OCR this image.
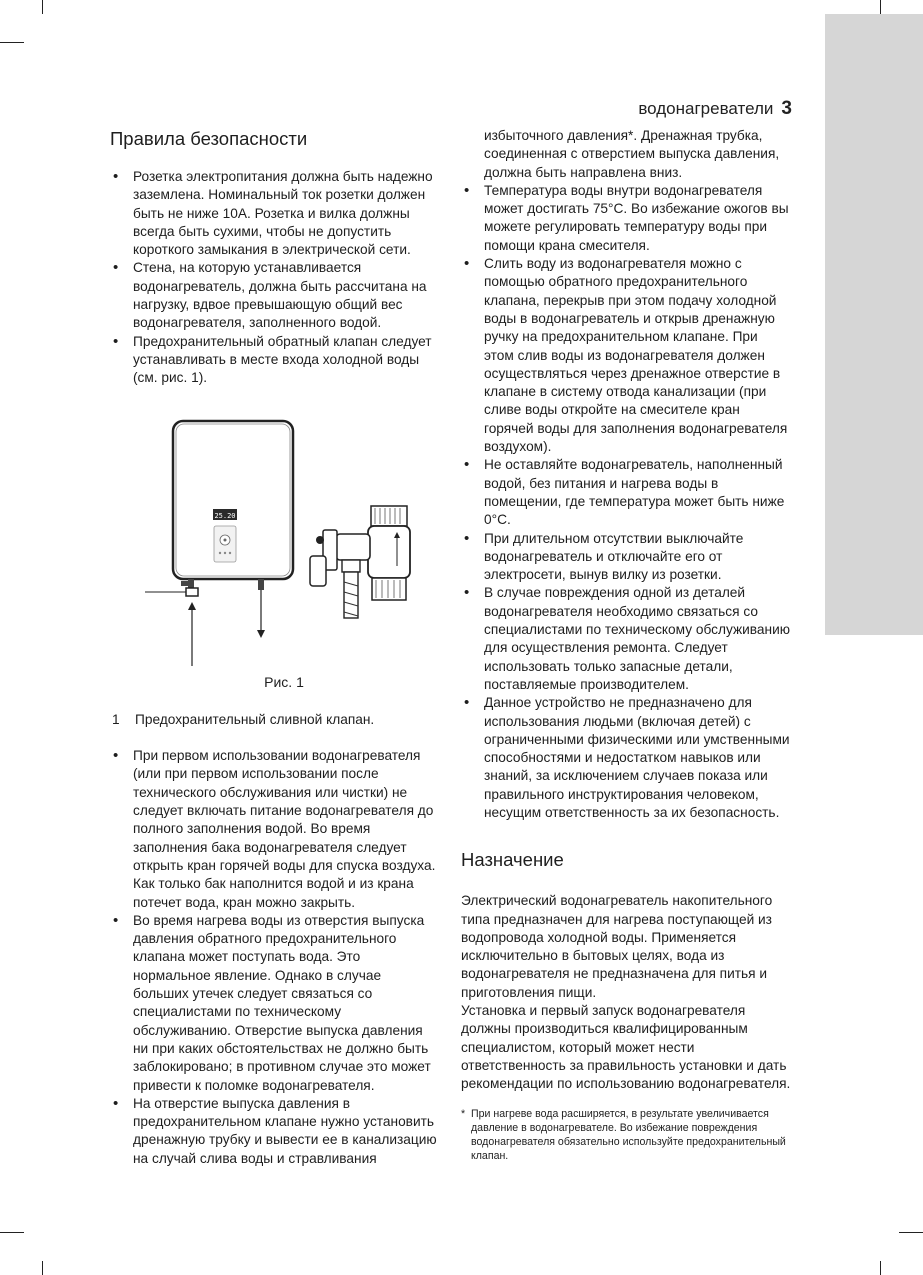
водонагреватели 3
Правила безопасности
• Розетка электропитания должна быть надежно заземлена. Номинальный ток розетки должен быть не ниже 10А. Розетка и вилка должны всегда быть сухими, чтобы не допустить короткого замыкания в электрической сети.
• Стена, на которую устанавливается водонагреватель, должна быть рассчитана на нагрузку, вдвое превышающую общий вес водонагревателя, заполненного водой.
• Предохранительный обратный клапан следует устанавливать в месте входа холодной воды (см. рис. 1).
25.20
Рис. 1
1	Предохранительный сливной клапан.
• При первом использовании водонагревателя (или при первом использовании после технического обслуживания или чистки) не следует включать питание водонагревателя до полного заполнения водой. Во время заполнения бака водонагревателя следует открыть кран горячей воды для спуска воздуха. Как только бак наполнится водой и из крана потечет вода, кран можно закрыть.
• Во время нагрева воды из отверстия выпуска давления обратного предохранительного клапана может поступать вода. Это нормальное явление. Однако в случае больших утечек следует связаться со специалистами по техническому обслуживанию. Отверстие выпуска давления ни при каких обстоятельствах не должно быть заблокировано; в противном случае это может привести к поломке водонагревателя.
• На отверстие выпуска давления в предохранительном клапане нужно установить дренажную трубку и вывести ее в канализацию на случай слива воды и стравливания
избыточного давления*. Дренажная трубка, соединенная с отверстием выпуска давления, должна быть направлена вниз.
• Температура воды внутри водонагревателя может достигать 75°С. Во избежание ожогов вы можете регулировать температуру воды при помощи крана смесителя.
• Слить воду из водонагревателя можно с помощью обратного предохранительного клапана, перекрыв при этом подачу холодной воды в водонагреватель и открыв дренажную ручку на предохранительном клапане. При этом слив воды из водонагревателя должен осуществляться через дренажное отверстие в клапане в систему отвода канализации (при сливе воды откройте на смесителе кран горячей воды для заполнения водонагревателя воздухом).
• Не оставляйте водонагреватель, наполненный водой, без питания и нагрева воды в помещении, где температура может быть ниже 0°С.
• При длительном отсутствии выключайте водонагреватель и отключайте его от электросети, вынув вилку из розетки.
• В случае повреждения одной из деталей водонагревателя необходимо связаться со специалистами по техническому обслуживанию для осуществления ремонта. Следует использовать только запасные детали, поставляемые производителем.
• Данное устройство не предназначено для использования людьми (включая детей) с ограниченными физическими или умственными способностями и недостатком навыков или знаний, за исключением случаев показа или правильного инструктирования человеком, несущим ответственность за их безопасность.
Назначение

Электрический водонагреватель накопительного типа предназначен для нагрева поступающей из водопровода холодной воды. Применяется исключительно в бытовых целях, вода из водонагревателя не предназначена для питья и приготовления пищи.

Установка и первый запуск водонагревателя должны производиться квалифицированным специалистом, который может нести ответственность за правильность установки и дать рекомендации по использованию водонагревателя.

* При нагреве вода расширяется, в результате увеличивается давление в водонагревателе. Во избежание повреждения водонагревателя обязательно используйте предохранительный клапан.
